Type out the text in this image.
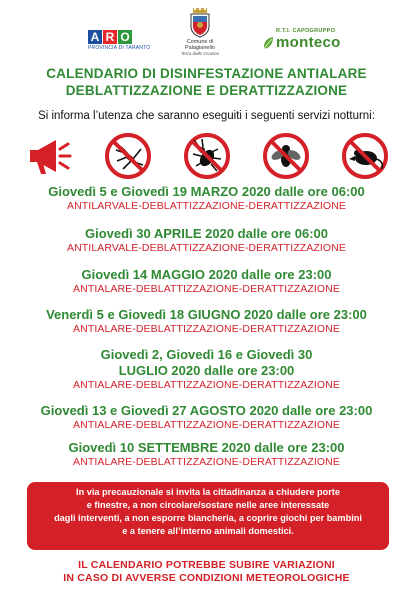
A R O TA2
PROVINCIA DI TARANTO
Comune di
Palagianello
Terra delle Gravine
R.T.I. CAPOGRUPPO
monteco
CALENDARIO DI DISINFESTAZIONE ANTIALARE
DEBLATTIZZAZIONE E DERATTIZZAZIONE
Si informa l’utenza che saranno eseguiti i seguenti servizi notturni:
Giovedì 5 e Giovedì 19 MARZO 2020 dalle ore 06:00
ANTILARVALE-DEBLATTIZZAZIONE-DERATTIZZAZIONE
Giovedì 30 APRILE 2020 dalle ore 06:00
ANTILARVALE-DEBLATTIZZAZIONE-DERATTIZZAZIONE
Giovedì 14 MAGGIO 2020 dalle ore 23:00
ANTIALARE-DEBLATTIZZAZIONE-DERATTIZZAZIONE
Venerdì 5 e Giovedì 18 GIUGNO 2020 dalle ore 23:00
ANTIALARE-DEBLATTIZZAZIONE-DERATTIZZAZIONE
Giovedì 2, Giovedì 16 e Giovedì 30
LUGLIO 2020 dalle ore 23:00
ANTIALARE-DEBLATTIZZAZIONE-DERATTIZZAZIONE
Giovedì 13 e Giovedì 27 AGOSTO 2020 dalle ore 23:00
ANTIALARE-DEBLATTIZZAZIONE-DERATTIZZAZIONE
Giovedì 10 SETTEMBRE 2020 dalle ore 23:00
ANTIALARE-DEBLATTIZZAZIONE-DERATTIZZAZIONE
In via precauzionale si invita la cittadinanza a chiudere porte
e finestre, a non circolare/sostare nelle aree interessate
dagli interventi, a non esporre biancheria, a coprire giochi per bambini
e a tenere all’interno animali domestici.
IL CALENDARIO POTREBBE SUBIRE VARIAZIONI
IN CASO DI AVVERSE CONDIZIONI METEOROLOGICHE
